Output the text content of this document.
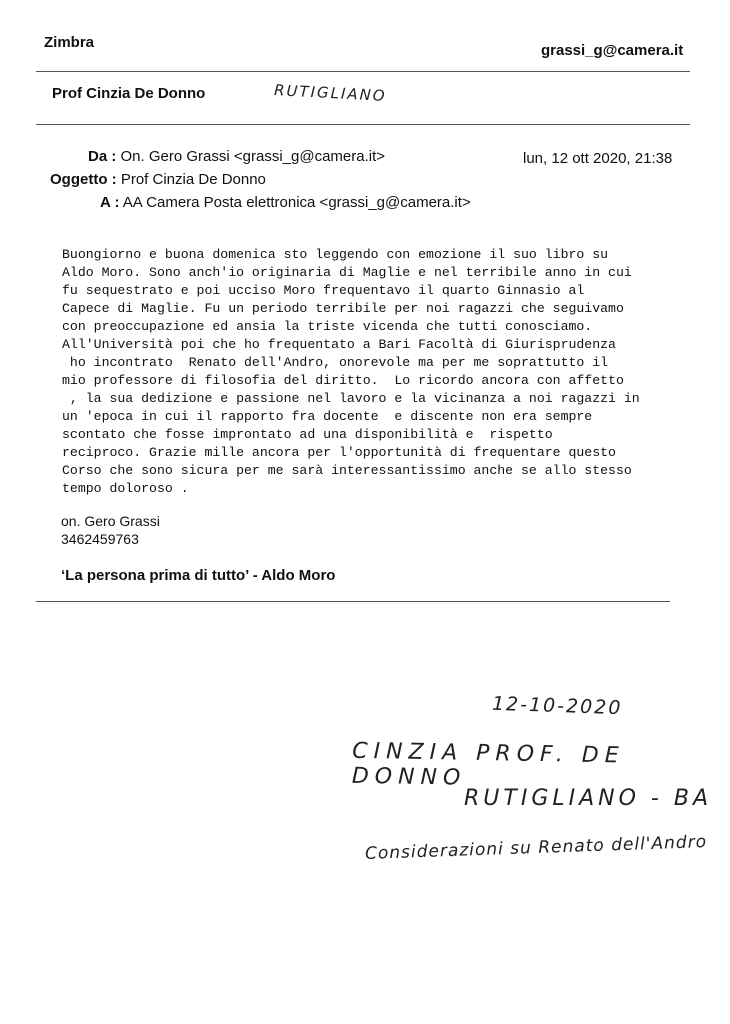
Zimbra	grassi_g@camera.it
Prof Cinzia De Donno	RUTIGLIANO
Da : On. Gero Grassi <grassi_g@camera.it>	lun, 12 ott 2020, 21:38
Oggetto : Prof Cinzia De Donno
A : AA Camera Posta elettronica <grassi_g@camera.it>
Buongiorno e buona domenica sto leggendo con emozione il suo libro su
Aldo Moro. Sono anch'io originaria di Maglie e nel terribile anno in cui
fu sequestrato e poi ucciso Moro frequentavo il quarto Ginnasio al
Capece di Maglie. Fu un periodo terribile per noi ragazzi che seguivamo
con preoccupazione ed ansia la triste vicenda che tutti conosciamo.
All'Università poi che ho frequentato a Bari Facoltà di Giurisprudenza
ho incontrato  Renato dell'Andro, onorevole ma per me soprattutto il
mio professore di filosofia del diritto.  Lo ricordo ancora con affetto
, la sua dedizione e passione nel lavoro e la vicinanza a noi ragazzi in
un 'epoca in cui il rapporto fra docente  e discente non era sempre
scontato che fosse improntato ad una disponibilità e  rispetto
reciproco. Grazie mille ancora per l'opportunità di frequentare questo
Corso che sono sicura per me sarà interessantissimo anche se allo stesso
tempo doloroso .
on. Gero Grassi
3462459763
‘La persona prima di tutto’ - Aldo Moro
12-10-2020
CINZIA PROF. DE DONNO
RUTIGLIANO - BA
Considerazioni su Renato dell'Andro
